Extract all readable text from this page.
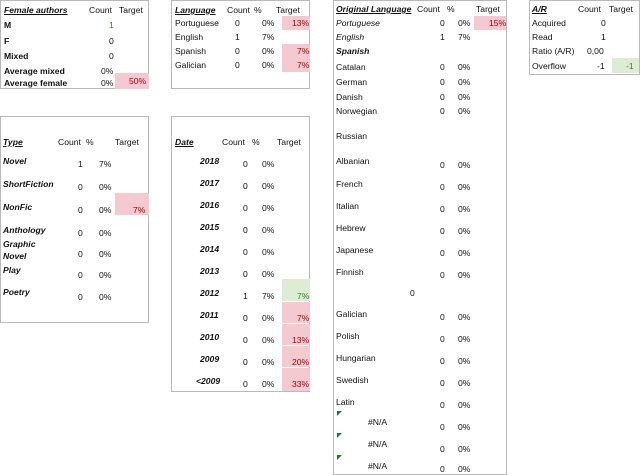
Female authors Count Target
M	1
F	0
Mixed	0
Average mixed	0%
Average female	0% 50%
Language Count % Target
Portuguese 0	0% 13%
English	1	7%
Spanish	0	0%	7%
Galician	0	0%	7%
Original Language Count % Target
Portuguese	0 0% 15%
English	1 7%
Spanish
Catalan	0 0%
German	0 0%
Danish	0 0%
Norwegian	0 0%
Russian
Albanian	0 0%
French	0 0%
Italian	0 0%
Hebrew	0 0%
Japanese	0 0%
Finnish	0 0%
0
Galician	0 0%
Polish	0 0%
Hungarian	0 0%
Swedish	0 0%
Latin	0 0%
#N/A	0 0%
#N/A	0 0%
#N/A	0 0%
A/R	Count Target
Acquired	0
Read	1
Ratio (A/R) 0,00
Overflow	-1 -1
Type	Count % Target
Novel	1 7%
ShortFiction	0 0%
NonFic	0 0%	7%
Anthology	0 0%
Graphic Novel	0 0%
Play	0 0%
Poetry	0 0%
Date	Count % Target
2018	0 0%
2017	0 0%
2016	0 0%
2015	0 0%
2014	0 0%
2013	0 0%
2012	1 7%	7%
2011	0 0%	7%
2010	0 0% 13%
2009	0 0% 20%
<2009	0 0% 33%
